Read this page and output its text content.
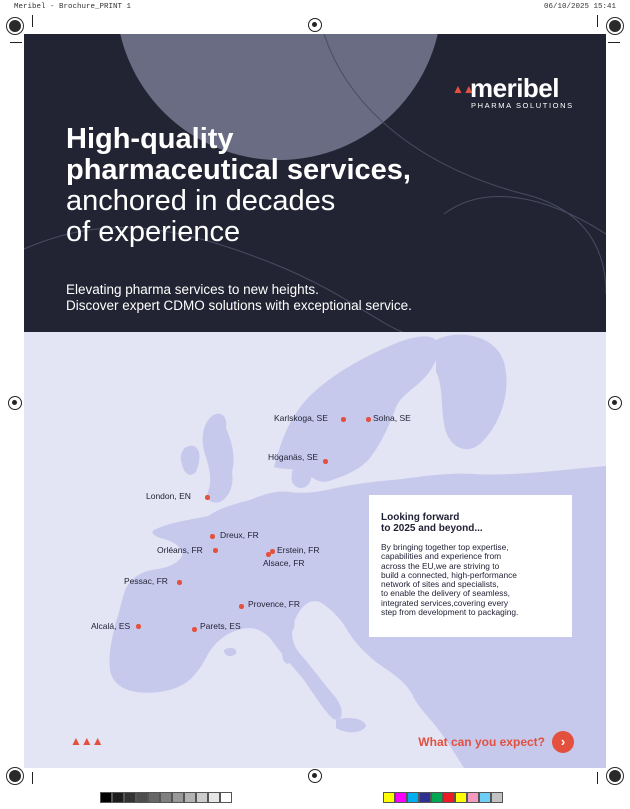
Meribel - Brochure_PRINT 1	06/10/2025 15:41
▲▲
meribel
PHARMA SOLUTIONS
High-quality
pharmaceutical services,
anchored in decades
of experience

Elevating pharma services to new heights.
Discover expert CDMO solutions with exceptional service.

Karlskoga, SE	Solna, SE
Höganäs, SE
London, EN
Dreux, FR
Orléans, FR	Erstein, FR
Alsace, FR
Pessac, FR
Provence, FR
Alcalá, ES	Parets, ES
Looking forward
to 2025 and beyond...

By bringing together top expertise,
capabilities and experience from
across the EU,we are striving to
build a connected, high-performance
network of sites and specialists,
to enable the delivery of seamless,
integrated services,covering every
step from development to packaging.

▲▲▲	What can you expect?	›
